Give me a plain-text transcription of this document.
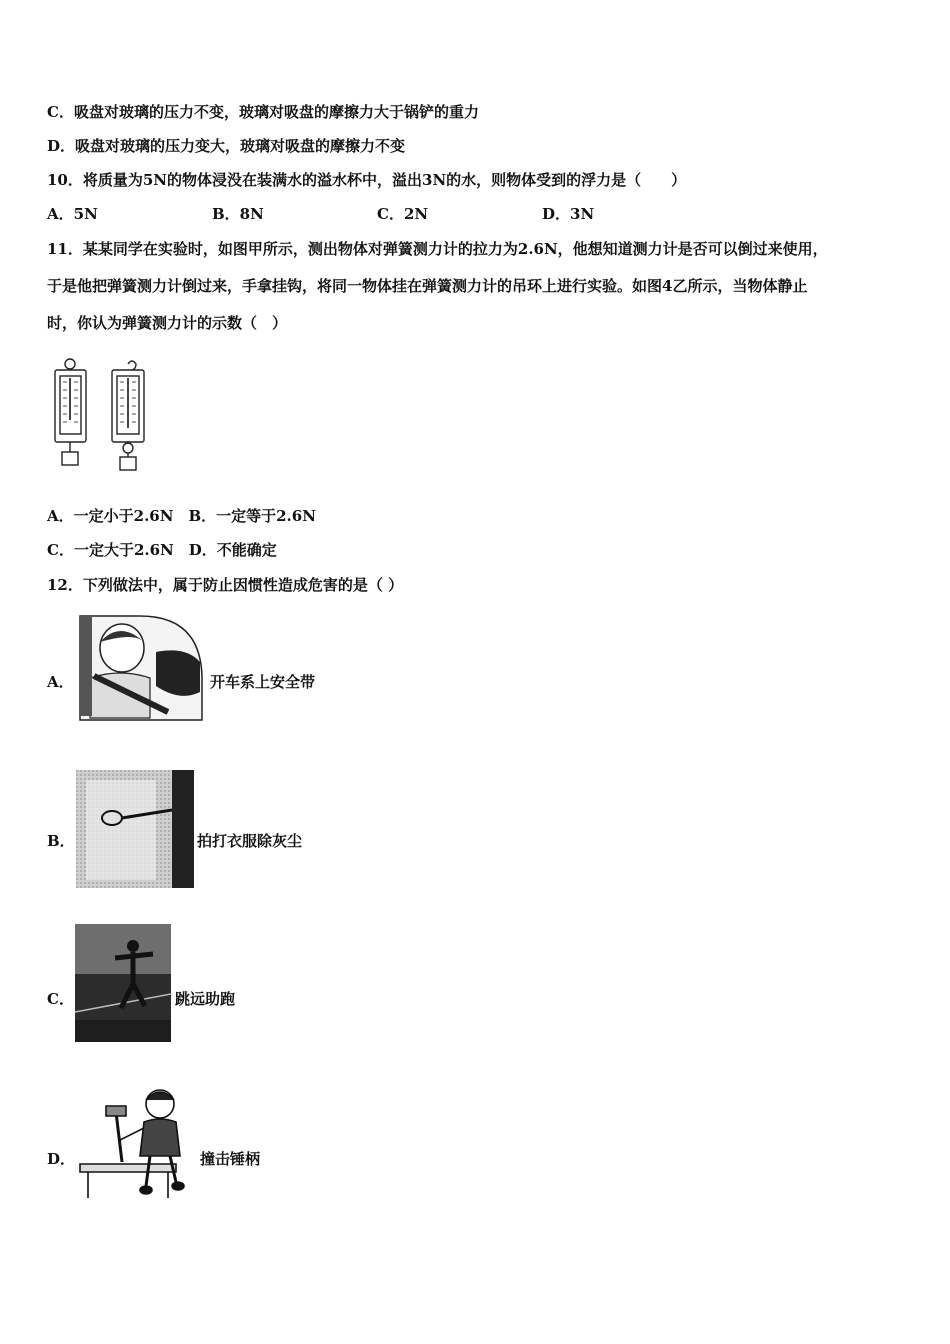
C．吸盘对玻璃的压力不变，玻璃对吸盘的摩擦力大于锅铲的重力
D．吸盘对玻璃的压力变大，玻璃对吸盘的摩擦力不变
10．将质量为5N的物体浸没在装满水的溢水杯中，溢出3N的水，则物体受到的浮力是（　　）
A．5N	B．8N	C．2N	D．3N
11．某某同学在实验时，如图甲所示，测出物体对弹簧测力计的拉力为2.6N，他想知道测力计是否可以倒过来使用，
于是他把弹簧测力计倒过来，手拿挂钩，将同一物体挂在弹簧测力计的吊环上进行实验。如图4乙所示，当物体静止
时，你认为弹簧测力计的示数（　）
A．一定小于2.6N　B．一定等于2.6N
C．一定大于2.6N　D．不能确定
12．下列做法中，属于防止因惯性造成危害的是（ ）
A．	开车系上安全带
B．	拍打衣服除灰尘
C．	跳远助跑
D．	撞击锤柄
